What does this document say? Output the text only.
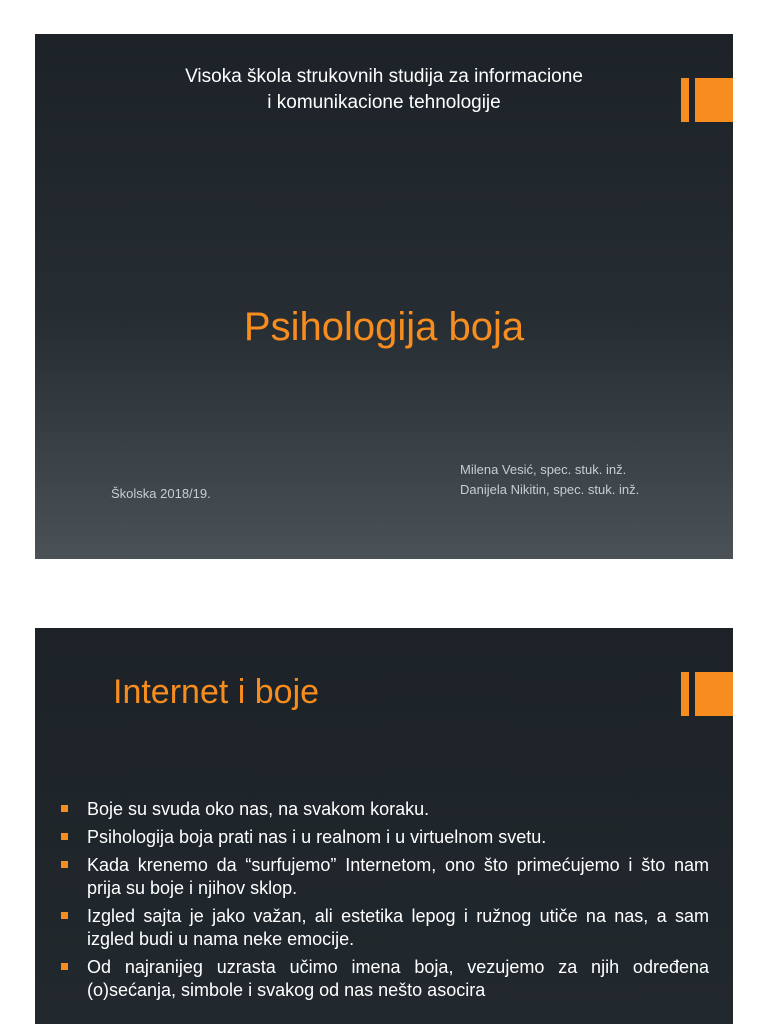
Visoka škola strukovnih studija za informacione
i komunikacione tehnologije
Psihologija boja
Milena Vesić, spec. stuk. inž.
Danijela Nikitin, spec. stuk. inž.
Školska 2018/19.
Internet i boje
Boje su svuda oko nas, na svakom koraku.
Psihologija boja prati nas i u realnom i u virtuelnom svetu.
Kada krenemo da “surfujemo” Internetom, ono što primećujemo i što nam prija su boje i njihov sklop.
Izgled sajta je jako važan, ali estetika lepog i ružnog utiče na nas, a sam izgled budi u nama neke emocije.
Od najranijeg uzrasta učimo imena boja, vezujemo za njih određena (o)sećanja, simbole i svakog od nas nešto asocira
